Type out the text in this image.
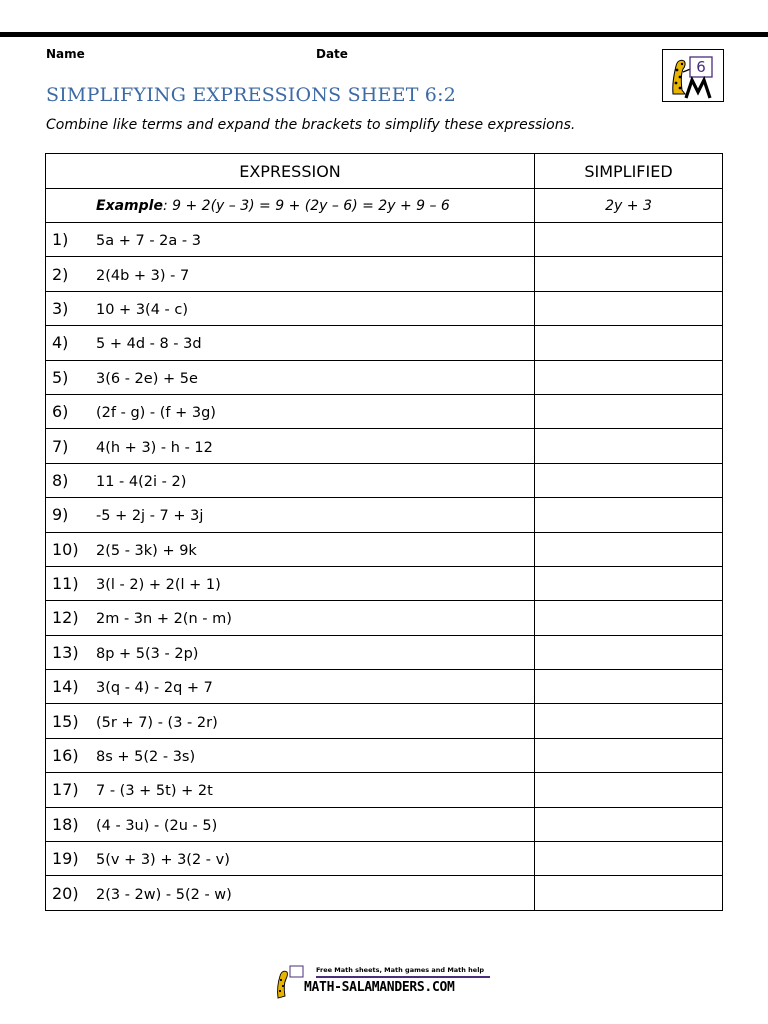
Name	Date
6
SIMPLIFYING EXPRESSIONS SHEET 6:2
Combine like terms and expand the brackets to simplify these expressions.
EXPRESSION	SIMPLIFIED
Example: 9 + 2(y – 3) = 9 + (2y – 6) = 2y + 9 – 6	2y + 3
1) 5a + 7 - 2a - 3	
2) 2(4b + 3) - 7	
3) 10 + 3(4 - c)	
4) 5 + 4d - 8 - 3d	
5) 3(6 - 2e) + 5e	
6) (2f - g) - (f + 3g)	
7) 4(h + 3) - h - 12	
8) 11 - 4(2i - 2)	
9) -5 + 2j - 7 + 3j	
10) 2(5 - 3k) + 9k	
11) 3(l - 2) + 2(l + 1)	
12) 2m - 3n + 2(n - m)	
13) 8p + 5(3 - 2p)	
14) 3(q - 4) - 2q + 7	
15) (5r + 7) - (3 - 2r)	
16) 8s + 5(2 - 3s)	
17) 7 - (3 + 5t) + 2t	
18) (4 - 3u) - (2u - 5)	
19) 5(v + 3) + 3(2 - v)	
20) 2(3 - 2w) - 5(2 - w)	
Free Math sheets, Math games and Math help
MATH-SALAMANDERS.COM
